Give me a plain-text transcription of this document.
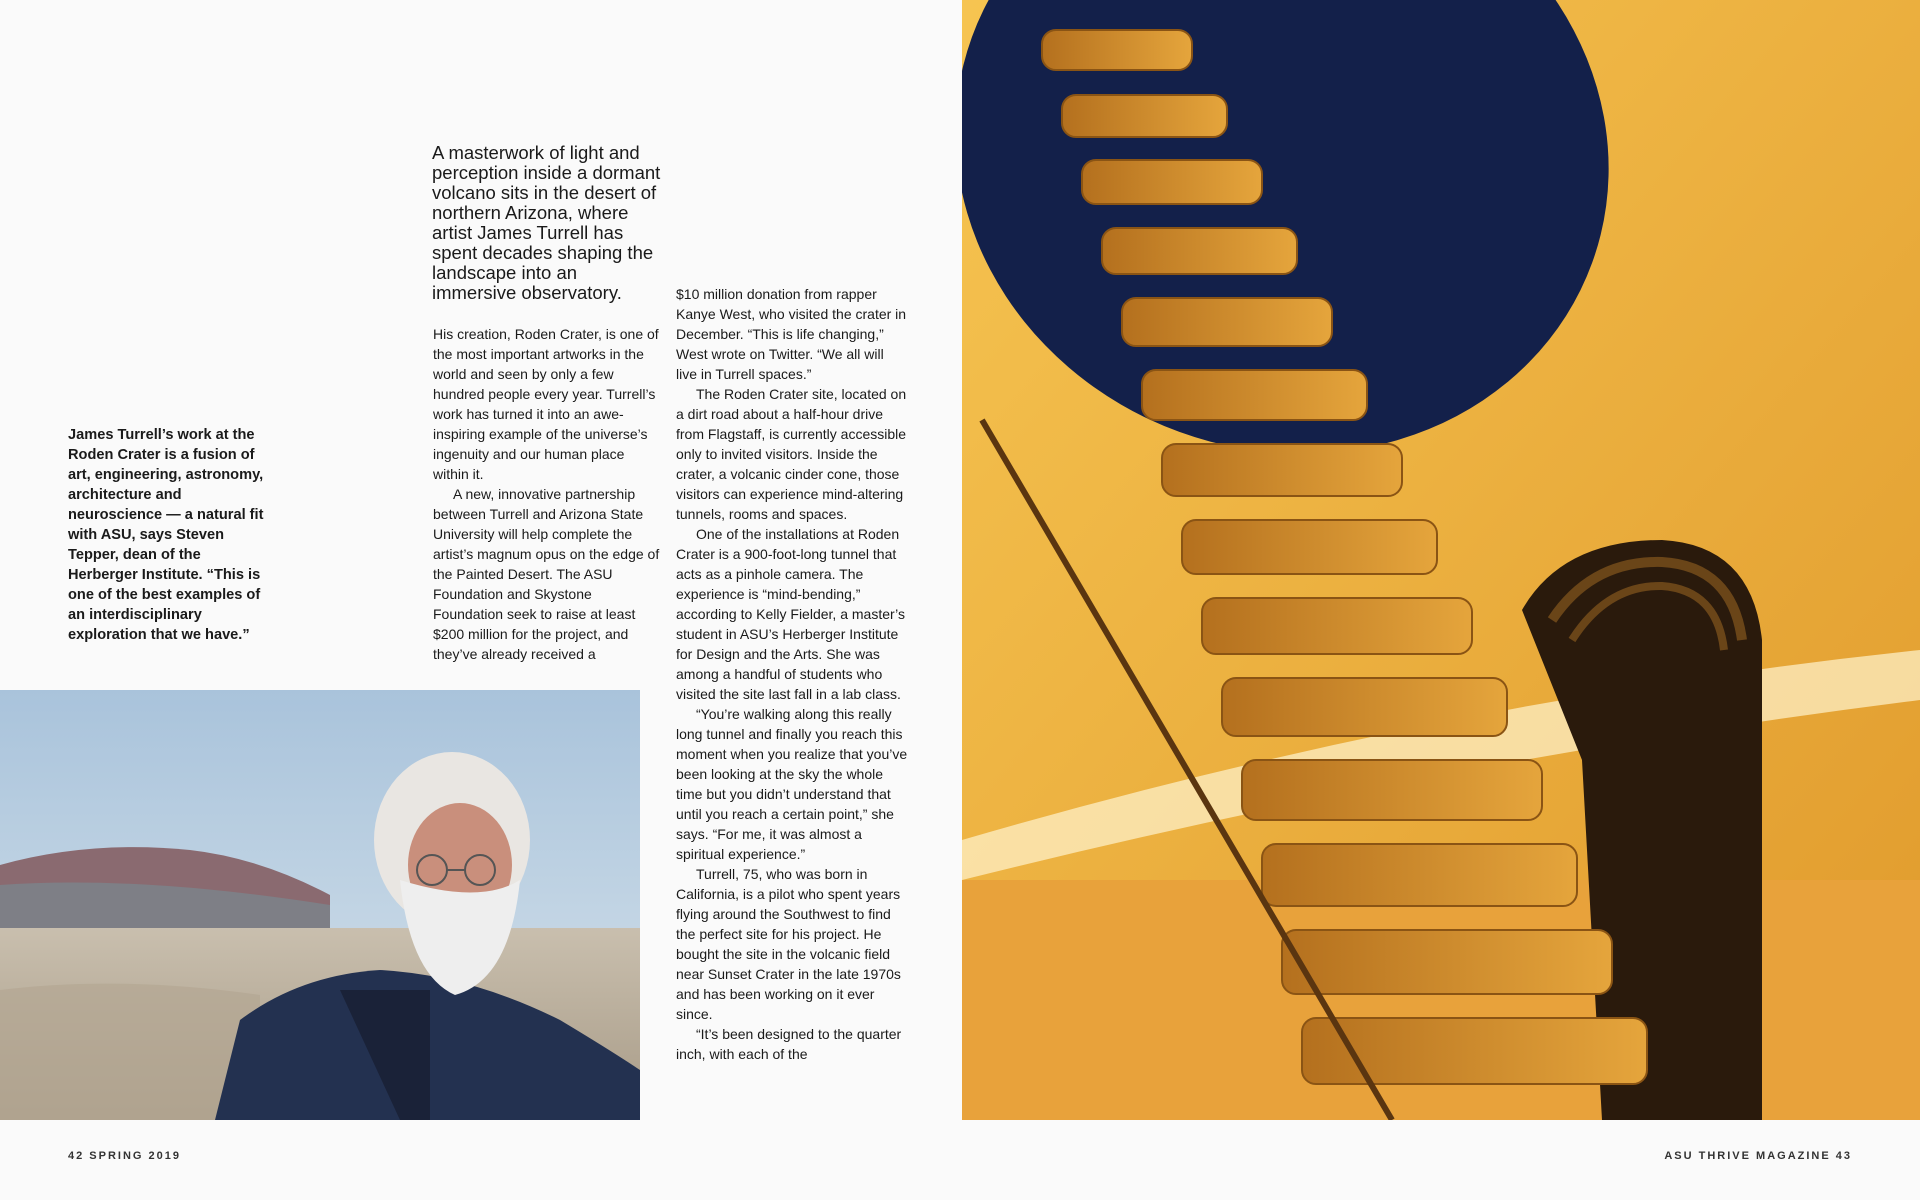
James Turrell’s work at the Roden Crater is a fusion of art, engineering, astronomy, architecture and neuroscience — a natural fit with ASU, says Steven Tepper, dean of the Herberger Institute. “This is one of the best examples of an interdisciplinary exploration that we have.”

A masterwork of light and perception inside a dormant volcano sits in the desert of northern Arizona, where artist James Turrell has spent decades shaping the landscape into an immersive observatory.

His creation, Roden Crater, is one of the most important artworks in the world and seen by only a few hundred people every year. Turrell’s work has turned it into an awe-inspiring example of the universe’s ingenuity and our human place within it.

A new, innovative partnership between Turrell and Arizona State University will help complete the artist’s magnum opus on the edge of the Painted Desert. The ASU Foundation and Skystone Foundation seek to raise at least $200 million for the project, and they’ve already received a

$10 million donation from rapper Kanye West, who visited the crater in December. “This is life changing,” West wrote on Twitter. “We all will live in Turrell spaces.”

The Roden Crater site, located on a dirt road about a half-hour drive from Flagstaff, is currently accessible only to invited visitors. Inside the crater, a volcanic cinder cone, those visitors can experience mind-altering tunnels, rooms and spaces.

One of the installations at Roden Crater is a 900-foot-long tunnel that acts as a pinhole camera. The experience is “mind-bending,” according to Kelly Fielder, a master’s student in ASU’s Herberger Institute for Design and the Arts. She was among a handful of students who visited the site last fall in a lab class.

“You’re walking along this really long tunnel and finally you reach this moment when you realize that you’ve been looking at the sky the whole time but you didn’t understand that until you reach a certain point,” she says. “For me, it was almost a spiritual experience.”

Turrell, 75, who was born in California, is a pilot who spent years flying around the Southwest to find the perfect site for his project. He bought the site in the volcanic field near Sunset Crater in the late 1970s and has been working on it ever since.

“It’s been designed to the quarter inch, with each of the

42 SPRING 2019	ASU THRIVE MAGAZINE 43
